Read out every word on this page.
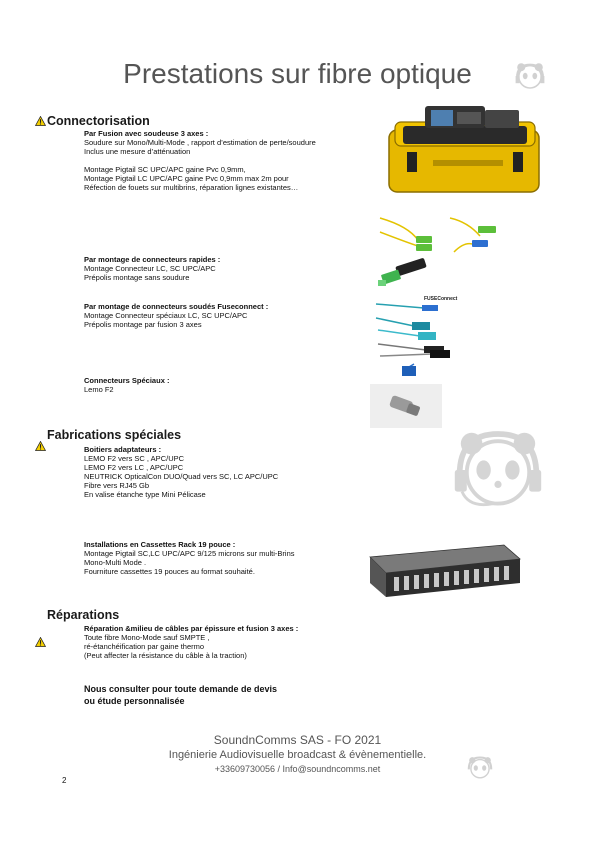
Prestations sur fibre optique
Connectorisation
Par Fusion avec soudeuse 3 axes :
Soudure sur Mono/Multi-Mode , rapport d’estimation de perte/soudure
Inclus une mesure d’atténuation
Montage Pigtail SC UPC/APC gaine Pvc 0,9mm,
Montage Pigtail LC UPC/APC gaine Pvc 0,9mm max 2m pour
Réfection de fouets sur multibrins, réparation lignes existantes…
Par montage de connecteurs rapides :
Montage Connecteur LC, SC UPC/APC
Prépolis montage sans soudure
FUSEConnect
Par montage de connecteurs soudés Fuseconnect :
Montage Connecteur spéciaux LC, SC UPC/APC
Prépolis montage par fusion 3 axes
Connecteurs Spéciaux :
Lemo F2
Fabrications spéciales
Boitiers adaptateurs :
LEMO F2 vers SC , APC/UPC
LEMO F2 vers LC , APC/UPC
NEUTRICK OpticalCon DUO/Quad vers SC, LC APC/UPC
Fibre vers RJ45 Gb
En valise étanche type Mini Pélicase
Installations en Cassettes Rack 19 pouce :
Montage Pigtail SC,LC UPC/APC 9/125 microns sur multi-Brins
Mono-Multi Mode .
Fourniture cassettes 19 pouces au format souhaité.
Réparations
Réparation &milieu de câbles par épissure et fusion 3 axes :
Toute fibre Mono-Mode sauf SMPTE ,
ré-étanchéification par gaine thermo
(Peut affecter la résistance du câble à la traction)
Nous consulter pour toute demande de devis
ou étude personnalisée
SoundnComms SAS - FO 2021
Ingénierie Audiovisuelle broadcast & évènementielle.
+33609730056 / Info@soundncomms.net
2
